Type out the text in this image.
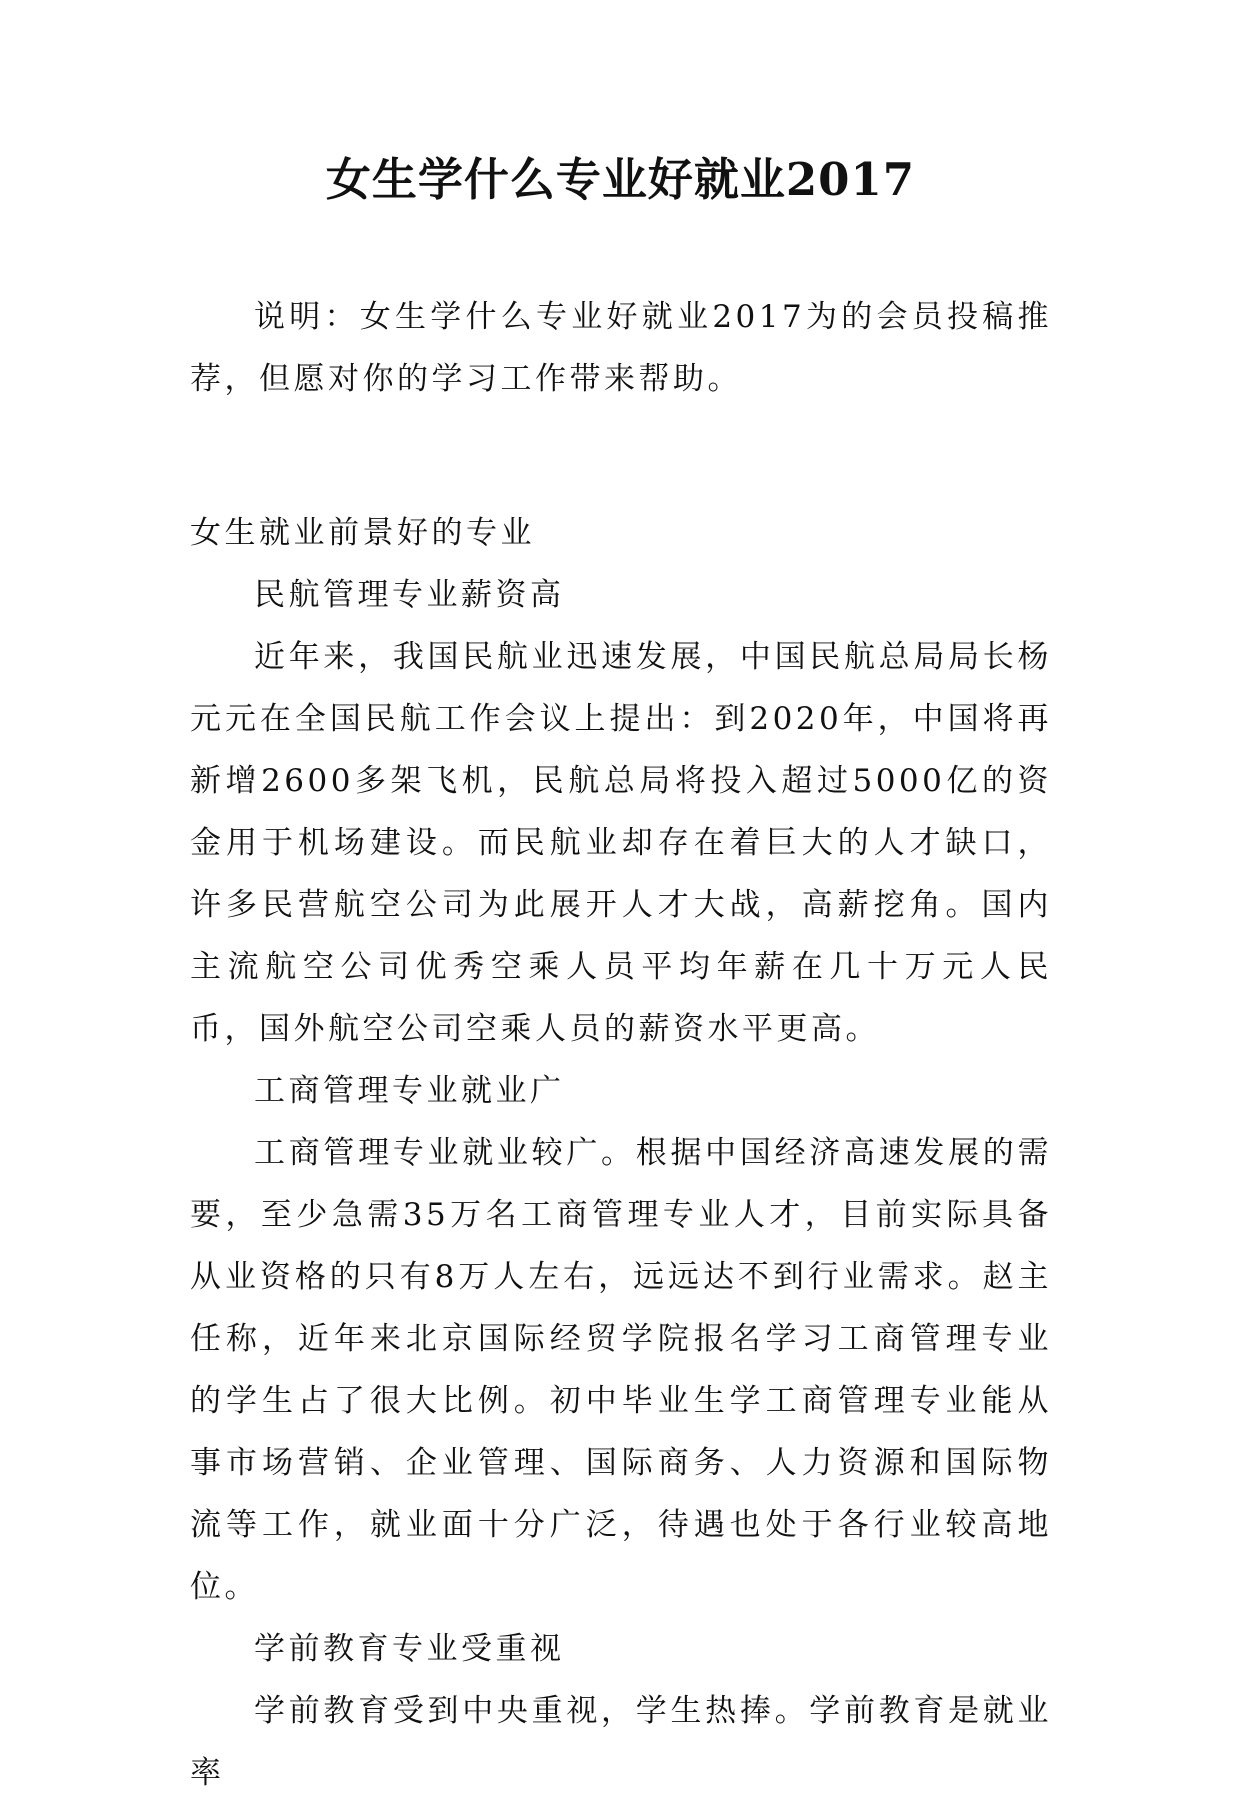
女生学什么专业好就业2017

说明：女生学什么专业好就业2017为的会员投稿推荐，但愿对你的学习工作带来帮助。

女生就业前景好的专业

民航管理专业薪资高

近年来，我国民航业迅速发展，中国民航总局局长杨元元在全国民航工作会议上提出：到2020年，中国将再新增2600多架飞机，民航总局将投入超过5000亿的资金用于机场建设。而民航业却存在着巨大的人才缺口，许多民营航空公司为此展开人才大战，高薪挖角。国内主流航空公司优秀空乘人员平均年薪在几十万元人民币，国外航空公司空乘人员的薪资水平更高。

工商管理专业就业广

工商管理专业就业较广。根据中国经济高速发展的需要，至少急需35万名工商管理专业人才，目前实际具备从业资格的只有8万人左右，远远达不到行业需求。赵主任称，近年来北京国际经贸学院报名学习工商管理专业的学生占了很大比例。初中毕业生学工商管理专业能从事市场营销、企业管理、国际商务、人力资源和国际物流等工作，就业面十分广泛，待遇也处于各行业较高地位。

学前教育专业受重视

学前教育受到中央重视，学生热捧。学前教育是就业率
